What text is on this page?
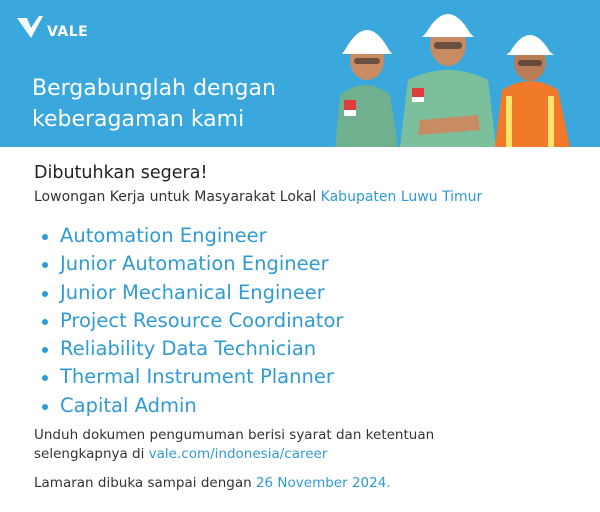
VALE
Bergabunglah dengan
keberagaman kami
Dibutuhkan segera!
Lowongan Kerja untuk Masyarakat Lokal Kabupaten Luwu Timur
Automation Engineer
Junior Automation Engineer
Junior Mechanical Engineer
Project Resource Coordinator
Reliability Data Technician
Thermal Instrument Planner
Capital Admin
Unduh dokumen pengumuman berisi syarat dan ketentuan
selengkapnya di vale.com/indonesia/career
Lamaran dibuka sampai dengan 26 November 2024.
